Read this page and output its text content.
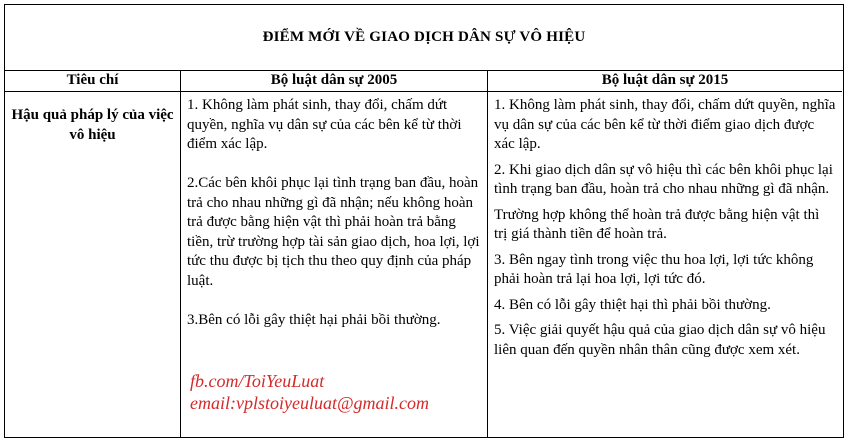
ĐIỂM MỚI VỀ GIAO DỊCH DÂN SỰ VÔ HIỆU
Tiêu chí	Bộ luật dân sự 2005	Bộ luật dân sự 2015
Hậu quả pháp lý của việc vô hiệu

1. Không làm phát sinh, thay đổi, chấm dứt quyền, nghĩa vụ dân sự của các bên kể từ thời điểm xác lập.

2.Các bên khôi phục lại tình trạng ban đầu, hoàn trả cho nhau những gì đã nhận; nếu không hoàn trả được bằng hiện vật thì phải hoàn trả bằng tiền, trừ trường hợp tài sản giao dịch, hoa lợi, lợi tức thu được bị tịch thu theo quy định của pháp luật.

3.Bên có lỗi gây thiệt hại phải bồi thường.

1. Không làm phát sinh, thay đổi, chấm dứt quyền, nghĩa vụ dân sự của các bên kể từ thời điểm giao dịch được xác lập.

2. Khi giao dịch dân sự vô hiệu thì các bên khôi phục lại tình trạng ban đầu, hoàn trả cho nhau những gì đã nhận.

Trường hợp không thể hoàn trả được bằng hiện vật thì trị giá thành tiền để hoàn trả.

3. Bên ngay tình trong việc thu hoa lợi, lợi tức không phải hoàn trả lại hoa lợi, lợi tức đó.

4. Bên có lỗi gây thiệt hại thì phải bồi thường.

5. Việc giải quyết hậu quả của giao dịch dân sự vô hiệu liên quan đến quyền nhân thân cũng được xem xét.

fb.com/ToiYeuLuat
email:vplstoiyeuluat@gmail.com
